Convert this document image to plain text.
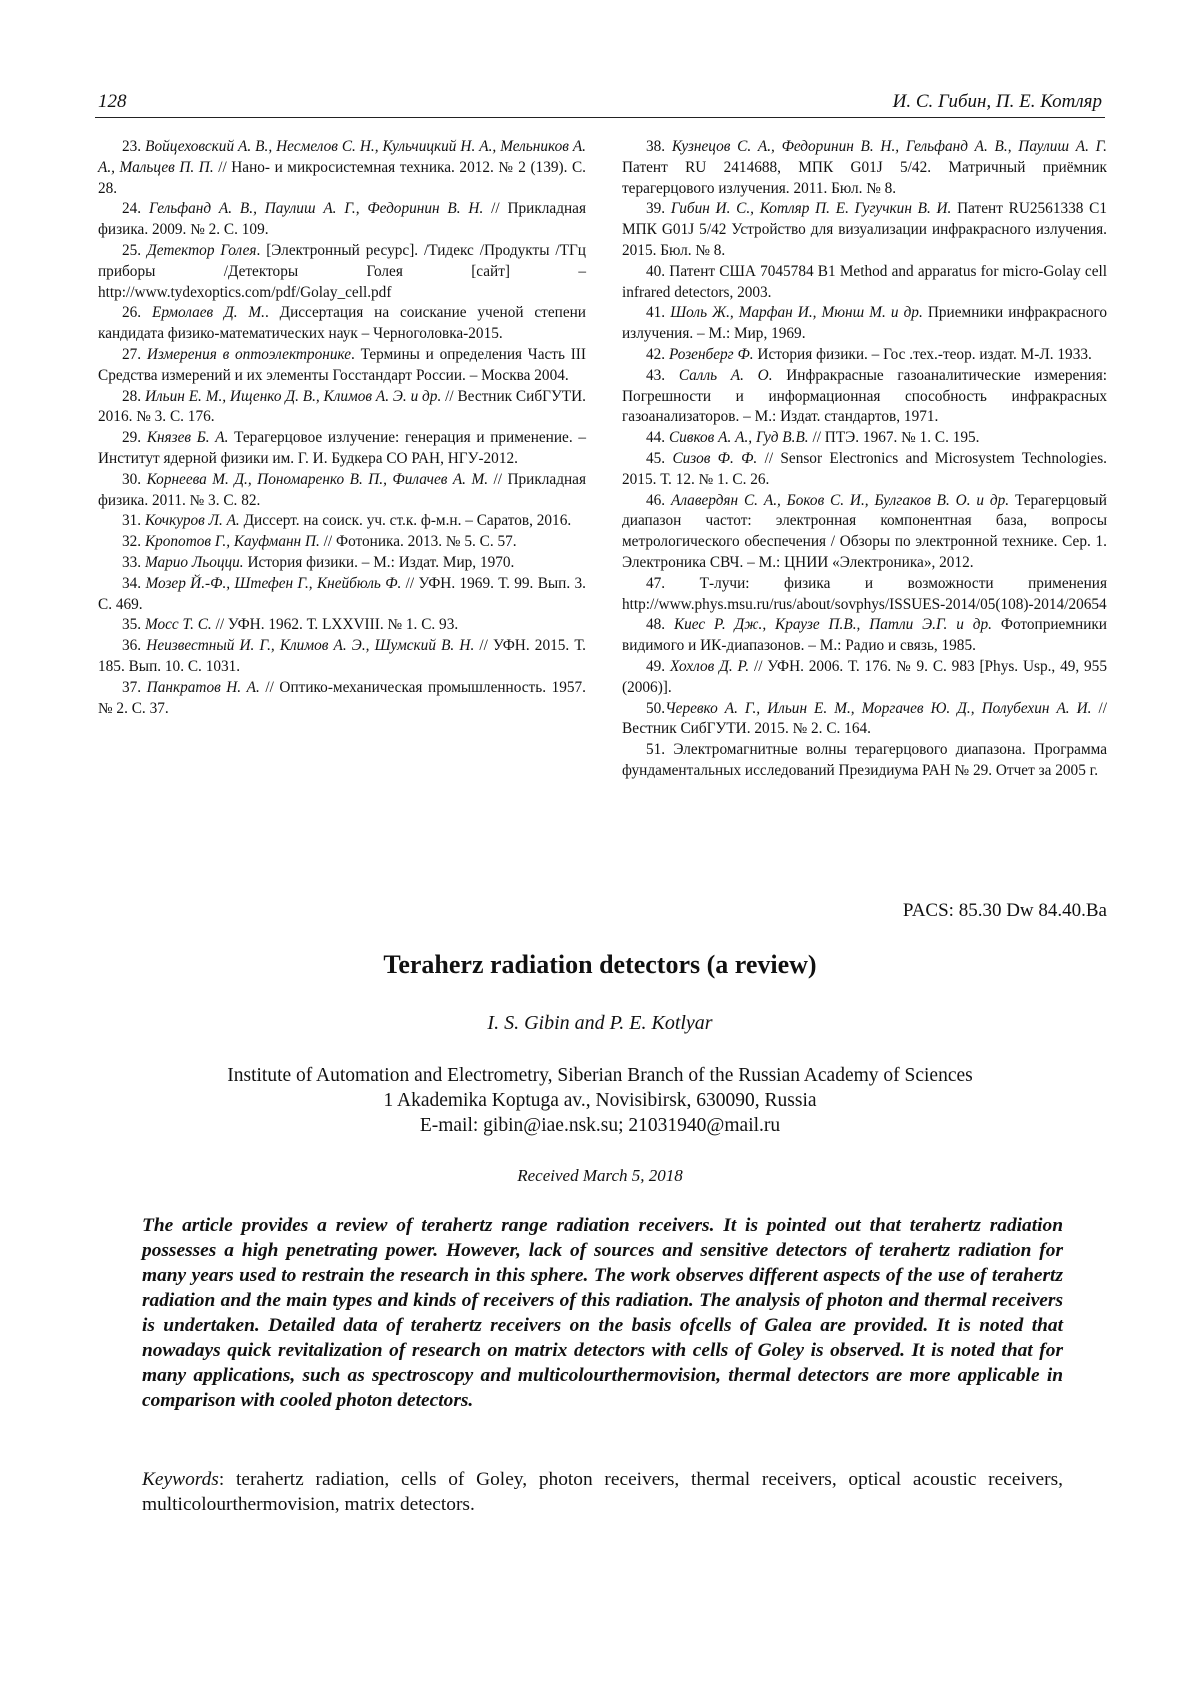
128	И. С. Гибин, П. Е. Котляр

23. Войцеховский А. В., Несмелов С. Н., Кульчицкий Н. А., Мельников А. А., Мальцев П. П. // Нано- и микросистемная техника. 2012. № 2 (139). С. 28.

24. Гельфанд А. В., Паулиш А. Г., Федоринин В. Н. // Прикладная физика. 2009. № 2. С. 109.

25. Детектор Голея. [Электронный ресурс]. /Тидекс /Продукты /ТГц приборы /Детекторы Голея [сайт] – http://www.tydexoptics.com/pdf/Golay_cell.pdf

26. Ермолаев Д. М.. Диссертация на соискание ученой степени кандидата физико-математических наук – Черноголовка-2015.

27. Измерения в оптоэлектронике. Термины и определения Часть III Средства измерений и их элементы Госстандарт России. – Москва 2004.

28. Ильин Е. М., Ищенко Д. В., Климов А. Э. и др. // Вестник СибГУТИ. 2016. № 3. С. 176.

29. Князев Б. А. Терагерцовое излучение: генерация и применение. – Институт ядерной физики им. Г. И. Будкера СО РАН, НГУ-2012.

30. Корнеева М. Д., Пономаренко В. П., Филачев А. М. // Прикладная физика. 2011. № 3. С. 82.

31. Кочкуров Л. А. Диссерт. на соиск. уч. ст.к. ф-м.н. – Саратов, 2016.

32. Кропотов Г., Кауфманн П. // Фотоника. 2013. № 5. С. 57.

33. Марио Льоцци. История физики. – М.: Издат. Мир, 1970.

34. Мозер Й.-Ф., Штефен Г., Кнейбюль Ф. // УФН. 1969. Т. 99. Вып. 3. С. 469.

35. Мосс Т. С. // УФН. 1962. Т. LXXVIII. № 1. С. 93.

36. Неизвестный И. Г., Климов А. Э., Шумский В. Н. // УФН. 2015. Т. 185. Вып. 10. С. 1031.

37. Панкратов Н. А. // Оптико-механическая промышленность. 1957. № 2. С. 37.

38. Кузнецов С. А., Федоринин В. Н., Гельфанд А. В., Паулиш А. Г. Патент RU 2414688, МПК G01J 5/42. Матричный приёмник терагерцового излучения. 2011. Бюл. № 8.

39. Гибин И. С., Котляр П. Е. Гугучкин В. И. Патент RU2561338 C1 МПК G01J 5/42 Устройство для визуализации инфракрасного излучения. 2015. Бюл. № 8.

40. Патент США 7045784 B1 Method and apparatus for micro-Golay cell infrared detectors, 2003.

41. Шоль Ж., Марфан И., Мюнш М. и др. Приемники инфракрасного излучения. – М.: Мир, 1969.

42. Розенберг Ф. История физики. – Гос .тех.-теор. издат. М-Л. 1933.

43. Салль А. О. Инфракрасные газоаналитические измерения: Погрешности и информационная способность инфракрасных газоанализаторов. – М.: Издат. стандартов, 1971.

44. Сивков А. А., Гуд В.В. // ПТЭ. 1967. № 1. С. 195.

45. Сизов Ф. Ф. // Sensor Electronics and Microsystem Technologies. 2015. Т. 12. № 1. С. 26.

46. Алавердян С. А., Боков С. И., Булгаков В. О. и др. Терагерцовый диапазон частот: электронная компонентная база, вопросы метрологического обеспечения / Обзоры по электронной технике. Сер. 1. Электроника СВЧ. – М.: ЦНИИ «Электроника», 2012.

47. Т-лучи: физика и возможности применения http://www.phys.msu.ru/rus/about/sovphys/ISSUES-2014/05(108)-2014/20654

48. Киес Р. Дж., Краузе П.В., Патли Э.Г. и др. Фотоприемники видимого и ИК-диапазонов. – М.: Радио и связь, 1985.

49. Хохлов Д. Р. // УФН. 2006. Т. 176. № 9. С. 983 [Phys. Usp., 49, 955 (2006)].

50.Черевко А. Г., Ильин Е. М., Моргачев Ю. Д., Полубехин А. И. // Вестник СибГУТИ. 2015. № 2. С. 164.

51. Электромагнитные волны терагерцового диапазона. Программа фундаментальных исследований Президиума РАН № 29. Отчет за 2005 г.

PACS: 85.30 Dw 84.40.Ba
Teraherz radiation detectors (a review)
I. S. Gibin and P. E. Kotlyar
Institute of Automation and Electrometry, Siberian Branch of the Russian Academy of Sciences
1 Akademika Koptuga av., Novisibirsk, 630090, Russia
E-mail: gibin@iae.nsk.su; 21031940@mail.ru
Received March 5, 2018
The article provides a review of terahertz range radiation receivers. It is pointed out that terahertz radiation possesses a high penetrating power. However, lack of sources and sensitive detectors of terahertz radiation for many years used to restrain the research in this sphere. The work observes different aspects of the use of terahertz radiation and the main types and kinds of receivers of this radiation. The analysis of photon and thermal receivers is undertaken. Detailed data of terahertz receivers on the basis ofcells of Galea are provided. It is noted that nowadays quick revitalization of research on matrix detectors with cells of Goley is observed. It is noted that for many applications, such as spectroscopy and multicolourthermovision, thermal detectors are more applicable in comparison with cooled photon detectors.
Keywords: terahertz radiation, cells of Goley, photon receivers, thermal receivers, optical acoustic receivers, multicolourthermovision, matrix detectors.
